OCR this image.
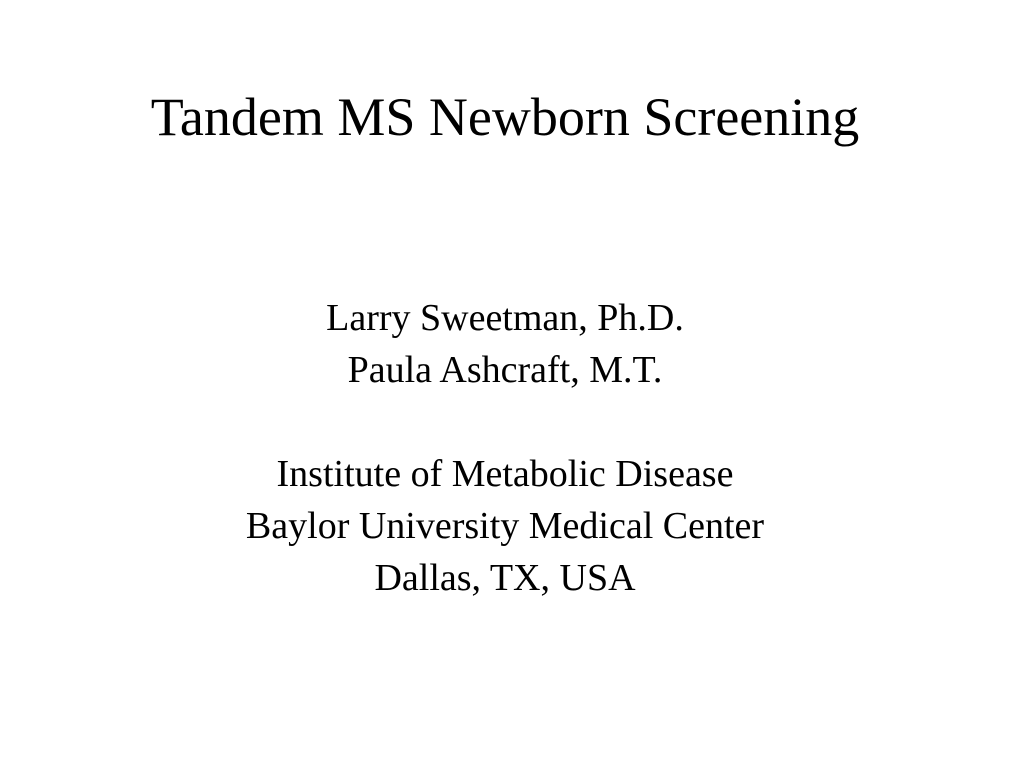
Tandem MS Newborn Screening
Larry Sweetman, Ph.D.
Paula Ashcraft, M.T.
Institute of Metabolic Disease
Baylor University Medical Center
Dallas, TX, USA
